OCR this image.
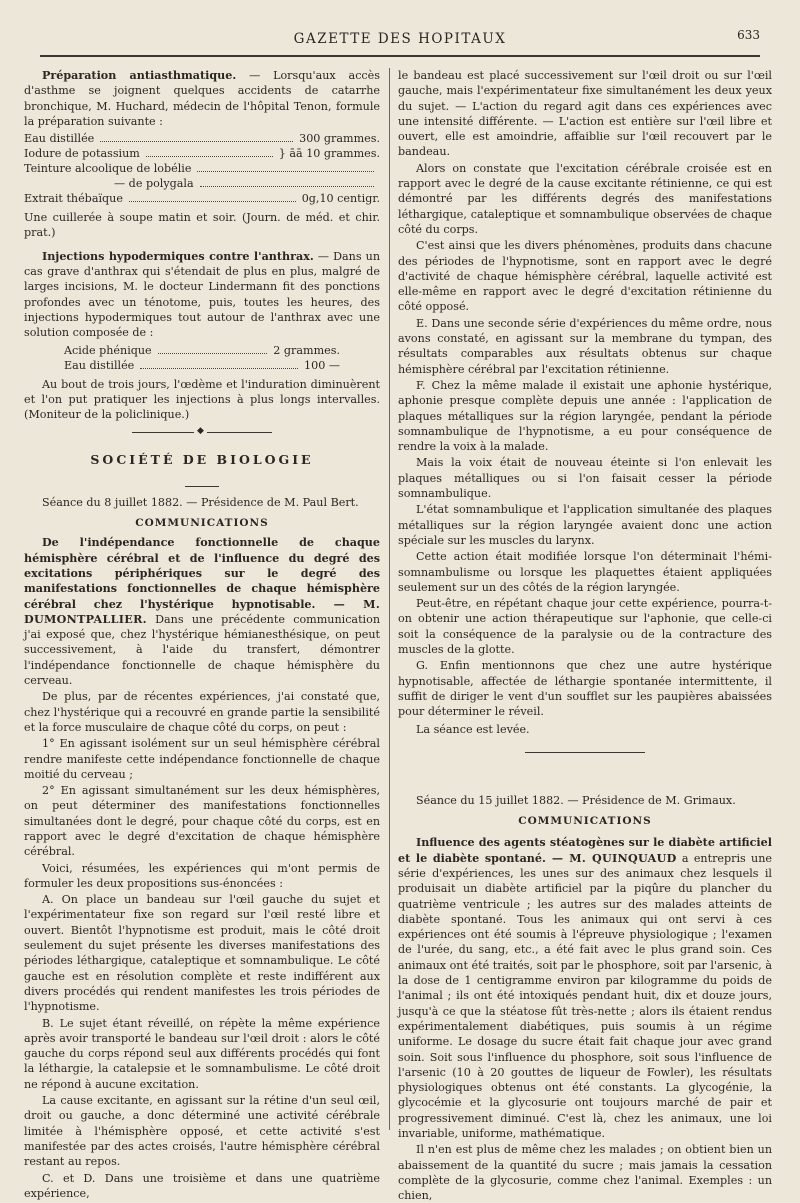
GAZETTE DES HOPITAUX	633

Préparation antiasthmatique. — Lorsqu'aux accès d'asthme se joignent quelques accidents de catarrhe bronchique, M. Huchard, médecin de l'hôpital Tenon, formule la préparation suivante :

Eau distillée	300 grammes.
Iodure de potassium	} āā 10 grammes.
Teinture alcoolique de lobélie
— de polygala
Extrait thébaïque	0g,10 centigr.

Une cuillerée à soupe matin et soir. (Journ. de méd. et chir. prat.)

Injections hypodermiques contre l'anthrax. — Dans un cas grave d'anthrax qui s'étendait de plus en plus, malgré de larges incisions, M. le docteur Lindermann fit des ponctions profondes avec un ténotome, puis, toutes les heures, des injections hypodermiques tout autour de l'anthrax avec une solution composée de :

Acide phénique	2 grammes.
Eau distillée	100 —

Au bout de trois jours, l'œdème et l'induration diminuèrent et l'on put pratiquer les injections à plus longs intervalles. (Moniteur de la policlinique.)

◆
SOCIÉTÉ DE BIOLOGIE

Séance du 8 juillet 1882. — Présidence de M. Paul Bert.

COMMUNICATIONS

De l'indépendance fonctionnelle de chaque hémisphère cérébral et de l'influence du degré des excitations périphériques sur le degré des manifestations fonctionnelles de chaque hémisphère cérébral chez l'hystérique hypnotisable. — M. DUMONTPALLIER. Dans une précédente communication j'ai exposé que, chez l'hystérique hémianesthésique, on peut successivement, à l'aide du transfert, démontrer l'indépendance fonctionnelle de chaque hémisphère du cerveau.

De plus, par de récentes expériences, j'ai constaté que, chez l'hystérique qui a recouvré en grande partie la sensibilité et la force musculaire de chaque côté du corps, on peut :

1° En agissant isolément sur un seul hémisphère cérébral rendre manifeste cette indépendance fonctionnelle de chaque moitié du cerveau ;

2° En agissant simultanément sur les deux hémisphères, on peut déterminer des manifestations fonctionnelles simultanées dont le degré, pour chaque côté du corps, est en rapport avec le degré d'excitation de chaque hémisphère cérébral.

Voici, résumées, les expériences qui m'ont permis de formuler les deux propositions sus-énoncées :

A. On place un bandeau sur l'œil gauche du sujet et l'expérimentateur fixe son regard sur l'œil resté libre et ouvert. Bientôt l'hypnotisme est produit, mais le côté droit seulement du sujet présente les diverses manifestations des périodes léthargique, cataleptique et somnambulique. Le côté gauche est en résolution complète et reste indifférent aux divers procédés qui rendent manifestes les trois périodes de l'hypnotisme.

B. Le sujet étant réveillé, on répète la même expérience après avoir transporté le bandeau sur l'œil droit : alors le côté gauche du corps répond seul aux différents procédés qui font la léthargie, la catalepsie et le somnambulisme. Le côté droit ne répond à aucune excitation.

La cause excitante, en agissant sur la rétine d'un seul œil, droit ou gauche, a donc déterminé une activité cérébrale limitée à l'hémisphère opposé, et cette activité s'est manifestée par des actes croisés, l'autre hémisphère cérébral restant au repos.

C. et D. Dans une troisième et dans une quatrième expérience,

le bandeau est placé successivement sur l'œil droit ou sur l'œil gauche, mais l'expérimentateur fixe simultanément les deux yeux du sujet. — L'action du regard agit dans ces expériences avec une intensité différente. — L'action est entière sur l'œil libre et ouvert, elle est amoindrie, affaiblie sur l'œil recouvert par le bandeau.

Alors on constate que l'excitation cérébrale croisée est en rapport avec le degré de la cause excitante rétinienne, ce qui est démontré par les différents degrés des manifestations léthargique, cataleptique et somnambulique observées de chaque côté du corps.

C'est ainsi que les divers phénomènes, produits dans chacune des périodes de l'hypnotisme, sont en rapport avec le degré d'activité de chaque hémisphère cérébral, laquelle activité est elle-même en rapport avec le degré d'excitation rétinienne du côté opposé.

E. Dans une seconde série d'expériences du même ordre, nous avons constaté, en agissant sur la membrane du tympan, des résultats comparables aux résultats obtenus sur chaque hémisphère cérébral par l'excitation rétinienne.

F. Chez la même malade il existait une aphonie hystérique, aphonie presque complète depuis une année : l'application de plaques métalliques sur la région laryngée, pendant la période somnambulique de l'hypnotisme, a eu pour conséquence de rendre la voix à la malade.

Mais la voix était de nouveau éteinte si l'on enlevait les plaques métalliques ou si l'on faisait cesser la période somnambulique.

L'état somnambulique et l'application simultanée des plaques métalliques sur la région laryngée avaient donc une action spéciale sur les muscles du larynx.

Cette action était modifiée lorsque l'on déterminait l'hémi-somnambulisme ou lorsque les plaquettes étaient appliquées seulement sur un des côtés de la région laryngée.

Peut-être, en répétant chaque jour cette expérience, pourra-t-on obtenir une action thérapeutique sur l'aphonie, que celle-ci soit la conséquence de la paralysie ou de la contracture des muscles de la glotte.

G. Enfin mentionnons que chez une autre hystérique hypnotisable, affectée de léthargie spontanée intermittente, il suffit de diriger le vent d'un soufflet sur les paupières abaissées pour déterminer le réveil.

La séance est levée.

Séance du 15 juillet 1882. — Présidence de M. Grimaux.

COMMUNICATIONS

Influence des agents stéatogènes sur le diabète artificiel et le diabète spontané. — M. QUINQUAUD a entrepris une série d'expériences, les unes sur des animaux chez lesquels il produisait un diabète artificiel par la piqûre du plancher du quatrième ventricule ; les autres sur des malades atteints de diabète spontané. Tous les animaux qui ont servi à ces expériences ont été soumis à l'épreuve physiologique ; l'examen de l'urée, du sang, etc., a été fait avec le plus grand soin. Ces animaux ont été traités, soit par le phosphore, soit par l'arsenic, à la dose de 1 centigramme environ par kilogramme du poids de l'animal ; ils ont été intoxiqués pendant huit, dix et douze jours, jusqu'à ce que la stéatose fût très-nette ; alors ils étaient rendus expérimentalement diabétiques, puis soumis à un régime uniforme. Le dosage du sucre était fait chaque jour avec grand soin. Soit sous l'influence du phosphore, soit sous l'influence de l'arsenic (10 à 20 gouttes de liqueur de Fowler), les résultats physiologiques obtenus ont été constants. La glycogénie, la glycocémie et la glycosurie ont toujours marché de pair et progressivement diminué. C'est là, chez les animaux, une loi invariable, uniforme, mathématique.

Il n'en est plus de même chez les malades ; on obtient bien un abaissement de la quantité du sucre ; mais jamais la cessation complète de la glycosurie, comme chez l'animal. Exemples : un chien,
